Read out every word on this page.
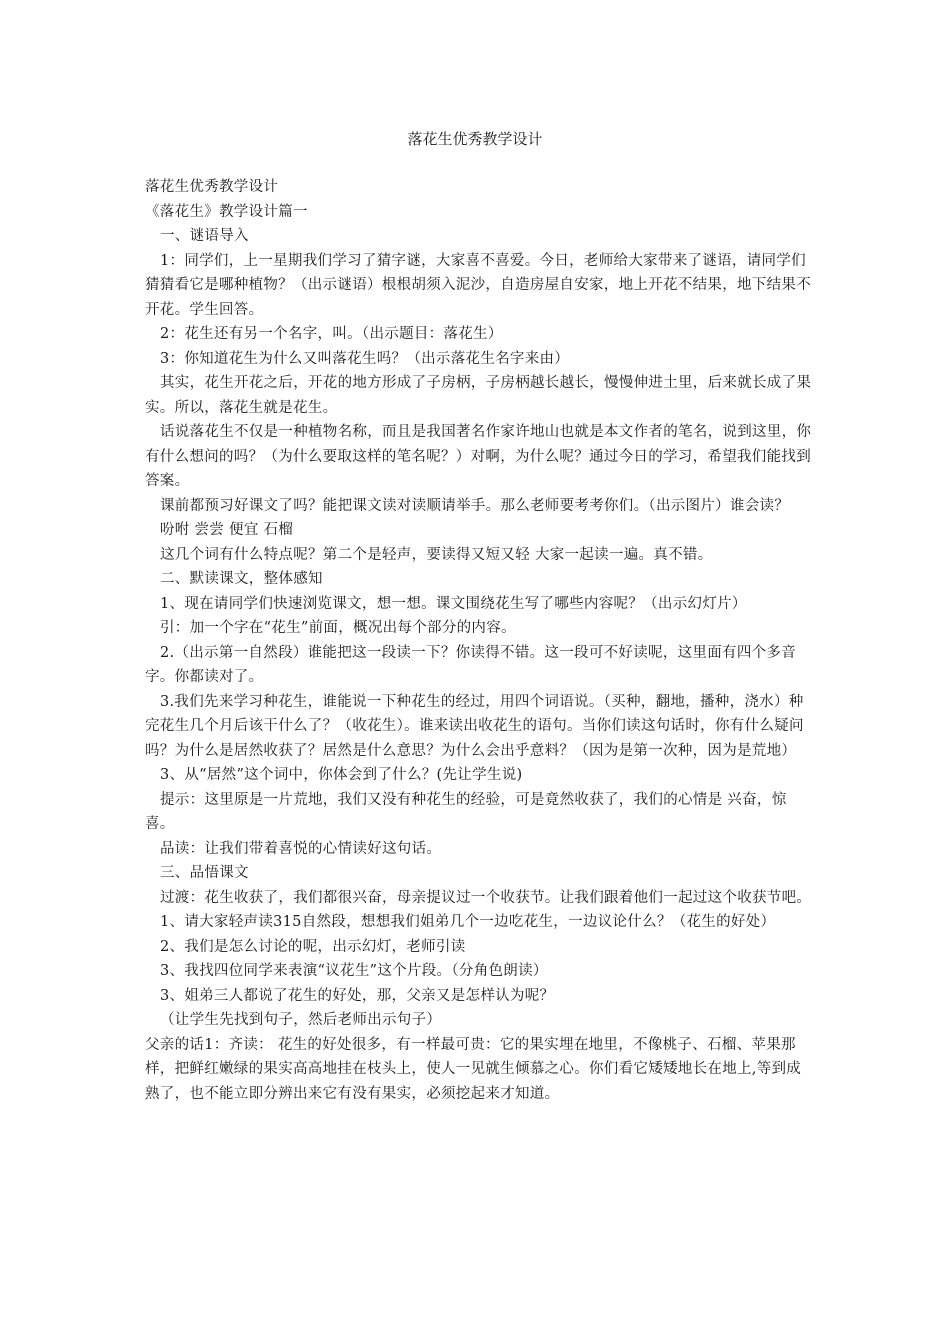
落花生优秀教学设计

落花生优秀教学设计

《落花生》教学设计篇一

一、谜语导入

1：同学们，上一星期我们学习了猜字谜，大家喜不喜爱。今日，老师给大家带来了谜语，请同学们猜猜看它是哪种植物？（出示谜语）根根胡须入泥沙，自造房屋自安家，地上开花不结果，地下结果不开花。学生回答。

2：花生还有另一个名字，叫。（出示题目：落花生）

3：你知道花生为什么又叫落花生吗？（出示落花生名字来由）

其实，花生开花之后，开花的地方形成了子房柄，子房柄越长越长，慢慢伸进土里，后来就长成了果实。所以，落花生就是花生。

话说落花生不仅是一种植物名称，而且是我国著名作家许地山也就是本文作者的笔名，说到这里，你有什么想问的吗？（为什么要取这样的笔名呢？）对啊，为什么呢？通过今日的学习，希望我们能找到答案。

课前都预习好课文了吗？能把课文读对读顺请举手。那么老师要考考你们。（出示图片）谁会读？

吩咐 尝尝 便宜 石榴

这几个词有什么特点呢？第二个是轻声，要读得又短又轻 大家一起读一遍。真不错。

二、默读课文，整体感知

1、现在请同学们快速浏览课文，想一想。课文围绕花生写了哪些内容呢？（出示幻灯片）

引：加一个字在“花生”前面，概况出每个部分的内容。

2.（出示第一自然段）谁能把这一段读一下？你读得不错。这一段可不好读呢，这里面有四个多音字。你都读对了。

3.我们先来学习种花生，谁能说一下种花生的经过，用四个词语说。（买种，翻地，播种，浇水）种完花生几个月后该干什么了？（收花生）。谁来读出收花生的语句。当你们读这句话时，你有什么疑问吗？为什么是居然收获了？居然是什么意思？为什么会出乎意料？（因为是第一次种，因为是荒地）

3、从“居然”这个词中，你体会到了什么？(先让学生说)

提示：这里原是一片荒地，我们又没有种花生的经验，可是竟然收获了，我们的心情是 兴奋，惊喜。

品读：让我们带着喜悦的心情读好这句话。

三、品悟课文

过渡：花生收获了，我们都很兴奋，母亲提议过一个收获节。让我们跟着他们一起过这个收获节吧。

1、请大家轻声读315自然段，想想我们姐弟几个一边吃花生，一边议论什么？（花生的好处）

2、我们是怎么讨论的呢，出示幻灯，老师引读

3、我找四位同学来表演“议花生”这个片段。（分角色朗读）

3、姐弟三人都说了花生的好处，那，父亲又是怎样认为呢？

（让学生先找到句子，然后老师出示句子）

父亲的话1：齐读： 花生的好处很多，有一样最可贵：它的果实埋在地里，不像桃子、石榴、苹果那样，把鲜红嫩绿的果实高高地挂在枝头上，使人一见就生倾慕之心。你们看它矮矮地长在地上,等到成熟了，也不能立即分辨出来它有没有果实，必须挖起来才知道。
